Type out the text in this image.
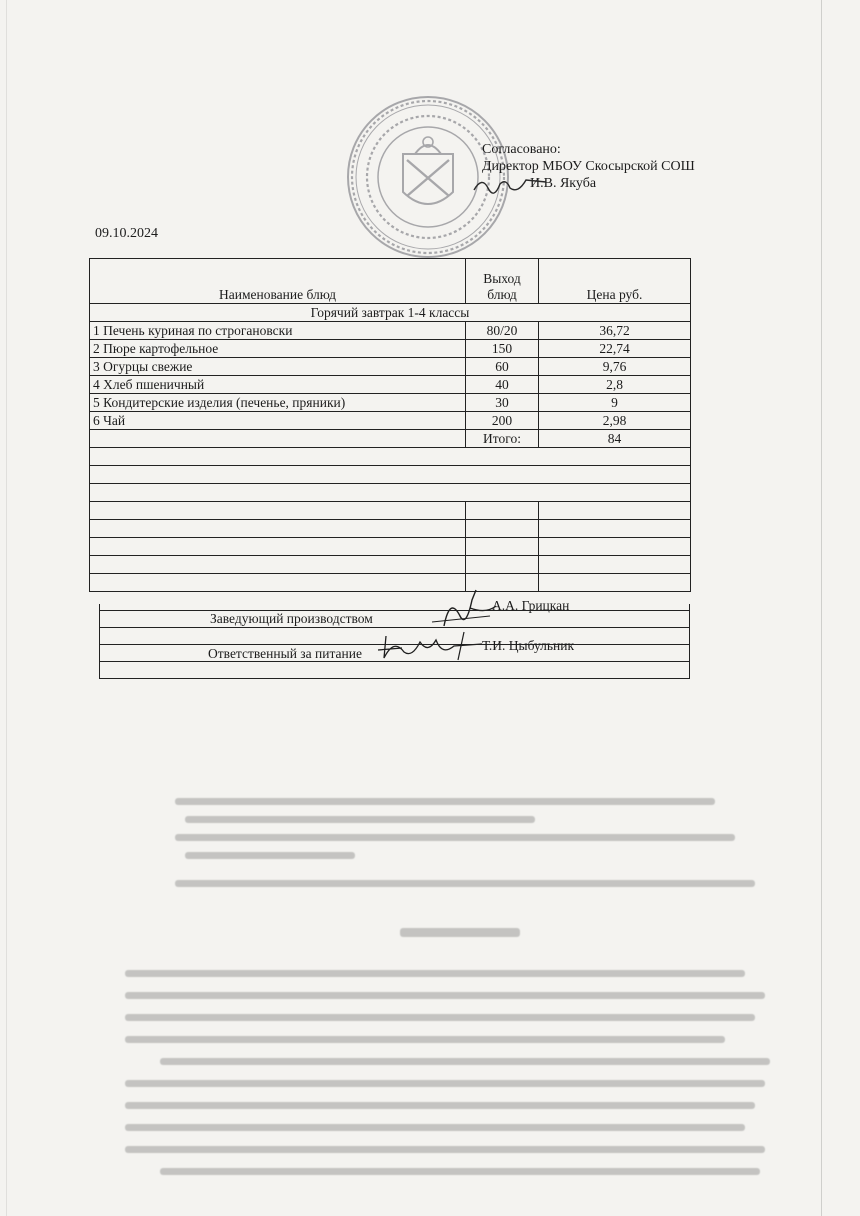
Согласовано:
Директор МБОУ Скосырской СОШ
И.В. Якуба
09.10.2024
Наименование блюд	Выход блюд	Цена руб.
Горячий завтрак 1-4 классы		
1 Печень куриная по строгановски	80/20	36,72
2 Пюре картофельное	150	22,74
3 Огурцы свежие	60	9,76
4 Хлеб пшеничный	40	2,8
5 Кондитерские изделия (печенье, пряники)	30	9
6 Чай	200	2,98
	Итого:	84

Заведующий производством
А.А. Грицкан
Ответственный за питание
Т.И. Цыбульник
